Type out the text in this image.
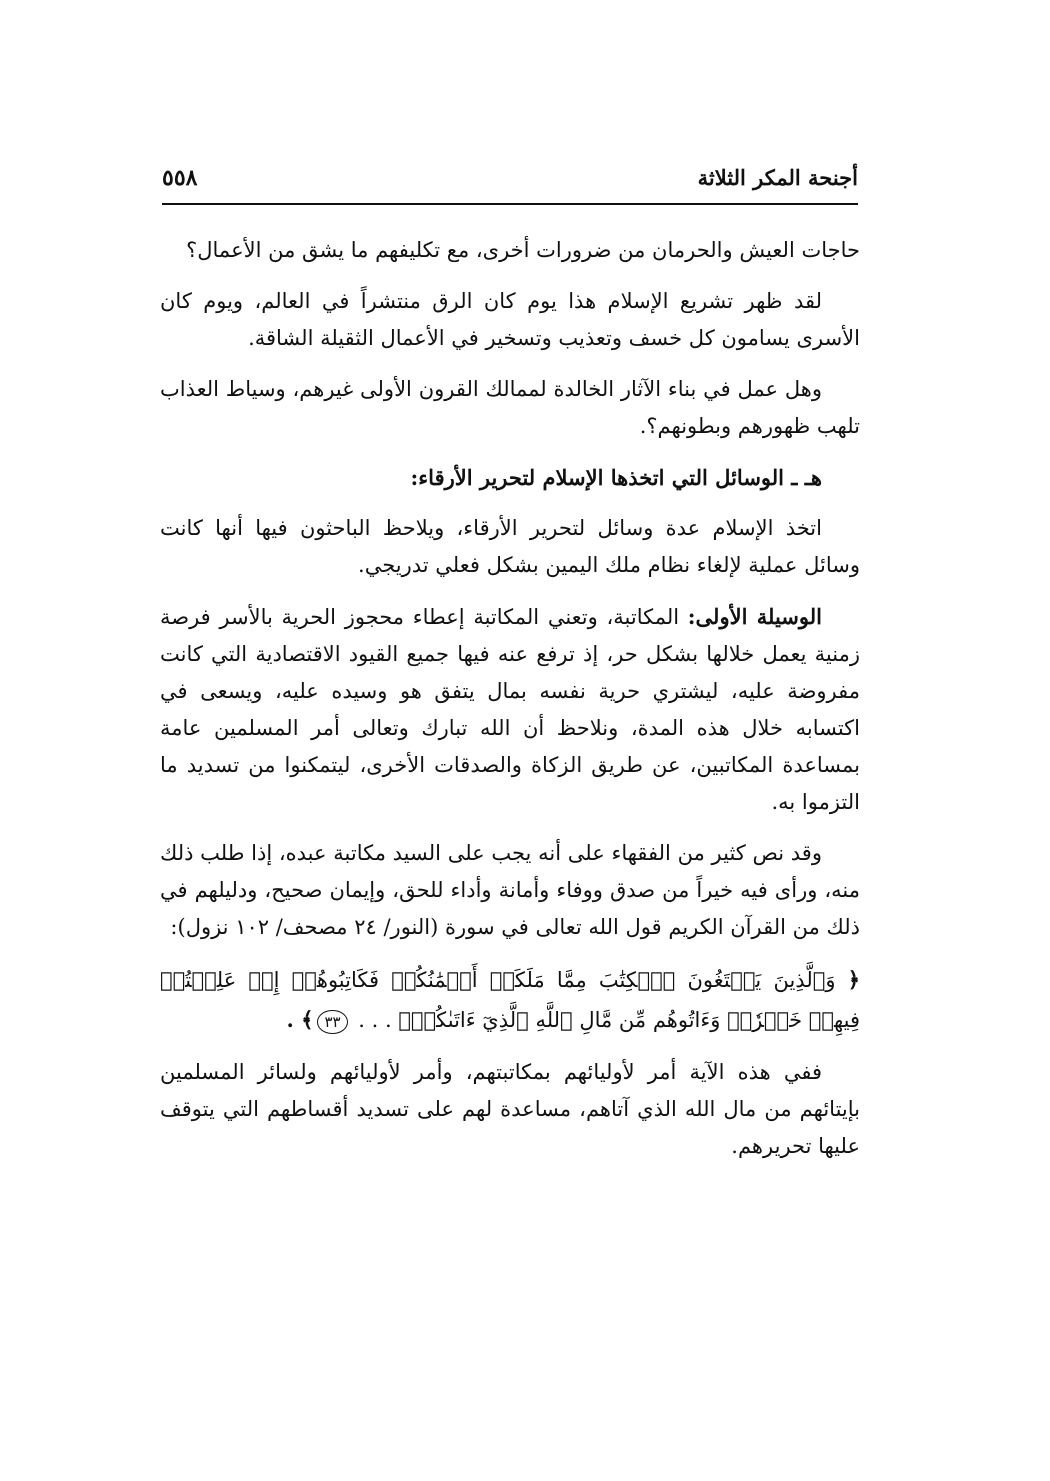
أجنحة المكر الثلاثة
٥٥٨

حاجات العيش والحرمان من ضرورات أخرى، مع تكليفهم ما يشق من الأعمال؟

لقد ظهر تشريع الإسلام هذا يوم كان الرق منتشراً في العالم، ويوم كان الأسرى يسامون كل خسف وتعذيب وتسخير في الأعمال الثقيلة الشاقة.

وهل عمل في بناء الآثار الخالدة لممالك القرون الأولى غيرهم، وسياط العذاب تلهب ظهورهم وبطونهم؟.

هـ ـ الوسائل التي اتخذها الإسلام لتحرير الأرقاء:

اتخذ الإسلام عدة وسائل لتحرير الأرقاء، ويلاحظ الباحثون فيها أنها كانت وسائل عملية لإلغاء نظام ملك اليمين بشكل فعلي تدريجي.

الوسيلة الأولى: المكاتبة، وتعني المكاتبة إعطاء محجوز الحرية بالأسر فرصة زمنية يعمل خلالها بشكل حر، إذ ترفع عنه فيها جميع القيود الاقتصادية التي كانت مفروضة عليه، ليشتري حرية نفسه بمال يتفق هو وسيده عليه، ويسعى في اكتسابه خلال هذه المدة، ونلاحظ أن الله تبارك وتعالى أمر المسلمين عامة بمساعدة المكاتبين، عن طريق الزكاة والصدقات الأخرى، ليتمكنوا من تسديد ما التزموا به.

وقد نص كثير من الفقهاء على أنه يجب على السيد مكاتبة عبده، إذا طلب ذلك منه، ورأى فيه خيراً من صدق ووفاء وأمانة وأداء للحق، وإيمان صحيح، ودليلهم في ذلك من القرآن الكريم قول الله تعالى في سورة (النور/ ٢٤ مصحف/ ١٠٢ نزول):

﴿ وَٱلَّذِينَ يَبۡتَغُونَ ٱلۡكِتَٰبَ مِمَّا مَلَكَتۡ أَيۡمَٰنُكُمۡ فَكَاتِبُوهُمۡ إِنۡ عَلِمۡتُمۡ فِيهِمۡ خَيۡرٗاۖ وَءَاتُوهُم مِّن مَّالِ ٱللَّهِ ٱلَّذِيٓ ءَاتَىٰكُمۡۚ . . . ٣٣﴾ .

ففي هذه الآية أمر لأوليائهم بمكاتبتهم، وأمر لأوليائهم ولسائر المسلمين بإيتائهم من مال الله الذي آتاهم، مساعدة لهم على تسديد أقساطهم التي يتوقف عليها تحريرهم.
